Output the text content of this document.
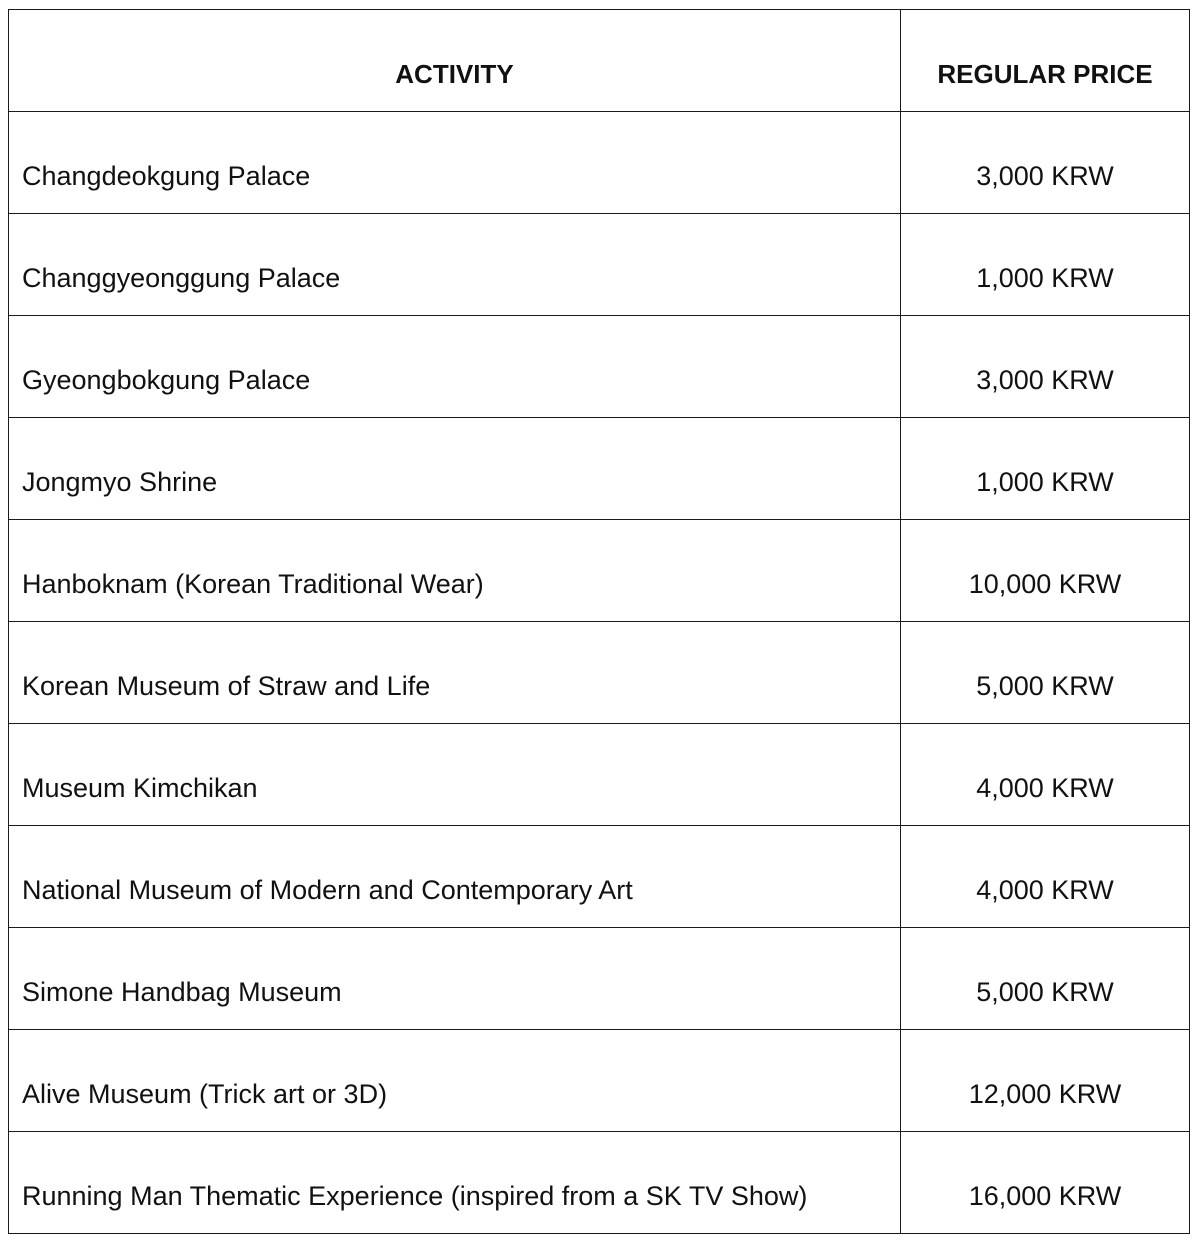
ACTIVITY	REGULAR PRICE
Changdeokgung Palace	3,000 KRW
Changgyeonggung Palace	1,000 KRW
Gyeongbokgung Palace	3,000 KRW
Jongmyo Shrine	1,000 KRW
Hanboknam (Korean Traditional Wear)	10,000 KRW
Korean Museum of Straw and Life	5,000 KRW
Museum Kimchikan	4,000 KRW
National Museum of Modern and Contemporary Art	4,000 KRW
Simone Handbag Museum	5,000 KRW
Alive Museum (Trick art or 3D)	12,000 KRW
Running Man Thematic Experience (inspired from a SK TV Show)	16,000 KRW
